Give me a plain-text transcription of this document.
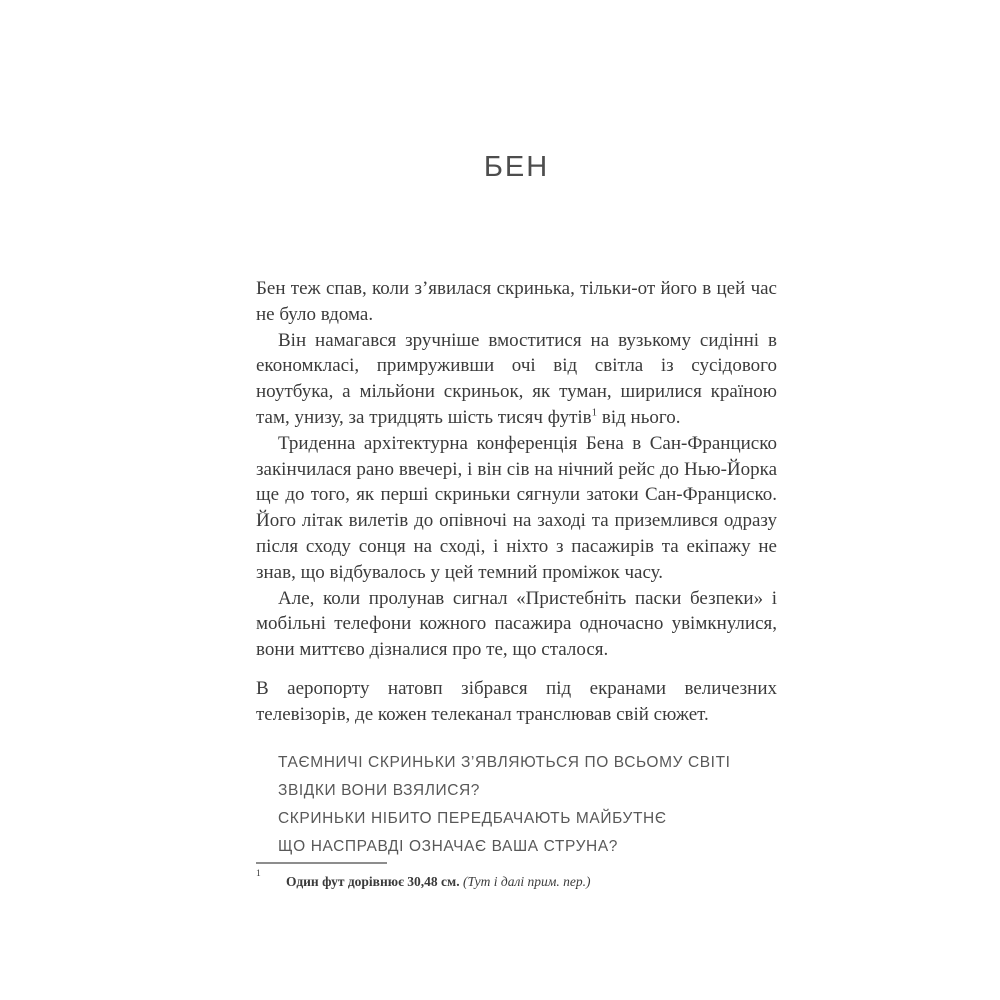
БЕН

Бен теж спав, коли з’явилася скринька, тільки-от його в цей час не було вдома.

Він намагався зручніше вмоститися на вузькому сидінні в економкласі, примруживши очі від світла із сусідового ноутбука, а мільйони скриньок, як туман, ширилися країною там, унизу, за тридцять шість тисяч футів$^1$ від нього.

Триденна архітектурна конференція Бена в Сан-Франциско закінчилася рано ввечері, і він сів на нічний рейс до Нью-Йорка ще до того, як перші скриньки сягнули затоки Сан-Франциско. Його літак вилетів до опівночі на заході та приземлився одразу після сходу сонця на сході, і ніхто з пасажирів та екіпажу не знав, що відбувалось у цей темний проміжок часу.

Але, коли пролунав сигнал «Пристебніть паски безпеки» і мобільні телефони кожного пасажира одночасно увімкнулися, вони миттєво дізналися про те, що сталося.

В аеропорту натовп зібрався під екранами величезних телевізорів, де кожен телеканал транслював свій сюжет.

ТАЄМНИЧІ СКРИНЬКИ З’ЯВЛЯЮТЬСЯ ПО ВСЬОМУ СВІТІ
ЗВІДКИ ВОНИ ВЗЯЛИСЯ?
СКРИНЬКИ НІБИТО ПЕРЕДБАЧАЮТЬ МАЙБУТНЄ
ЩО НАСПРАВДІ ОЗНАЧАЄ ВАША СТРУНА?
1	Один фут дорівнює 30,48 см. (Тут і далі прим. пер.)
